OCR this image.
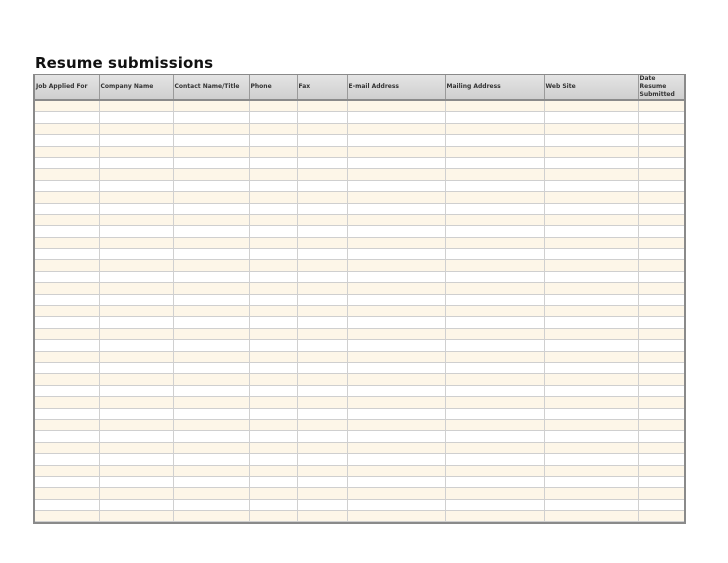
Resume submissions
Job Applied For	Company Name	Contact Name/Title	Phone	Fax	E-mail Address	Mailing Address	Web Site	Date Resume Submitted
